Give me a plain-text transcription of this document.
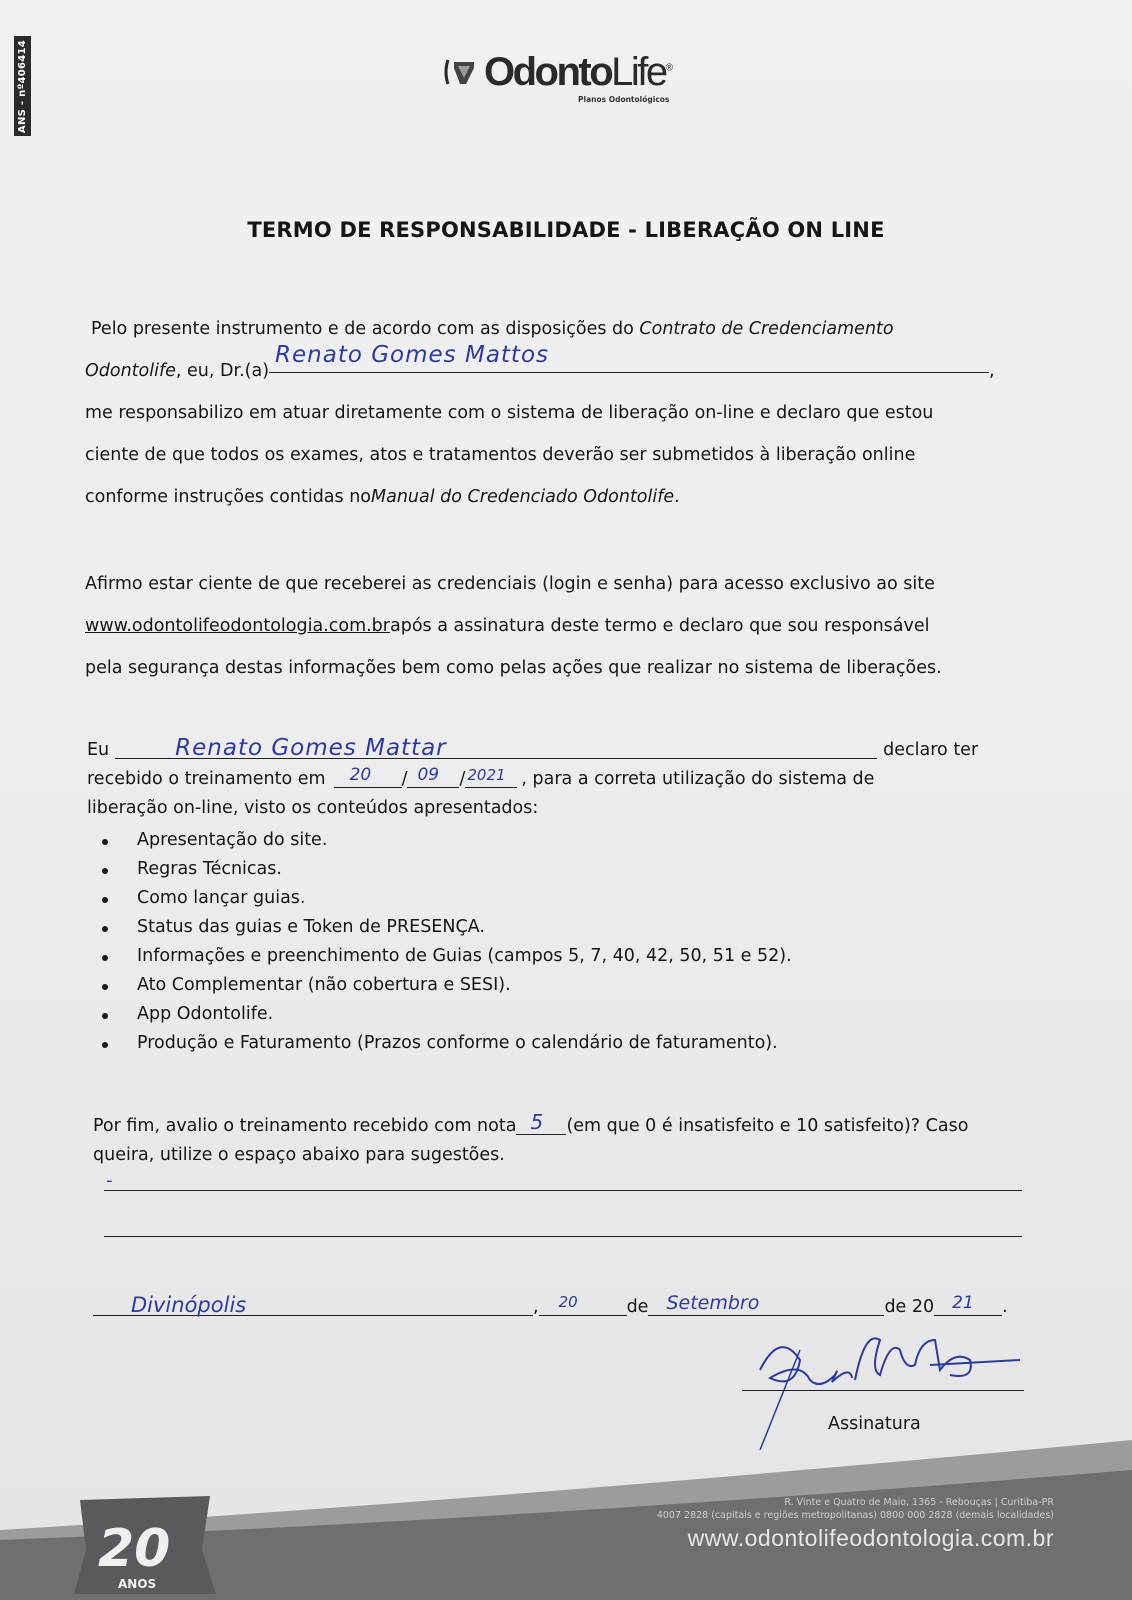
ANS - nº406414	OdontoLife®
Planos Odontológicos
TERMO DE RESPONSABILIDADE - LIBERAÇÃO ON LINE
Pelo presente instrumento e de acordo com as disposições do Contrato de Credenciamento
Odontolife , eu, Dr.(a)
Renato Gomes Mattos
,
me responsabilizo em atuar diretamente com o sistema de liberação on-line e declaro que estou
ciente de que todos os exames, atos e tratamentos deverão ser submetidos à liberação online
conforme instruções contidas no Manual do Credenciado Odontolife .
Afirmo estar ciente de que receberei as credenciais (login e senha) para acesso exclusivo ao site
www.odontolifeodontologia.com.br após a assinatura deste termo e declaro que sou responsável
pela segurança destas informações bem como pelas ações que realizar no sistema de liberações.
Eu	Renato Gomes Mattar	declaro ter
recebido o treinamento em 20 / 09 / 2021 , para a correta utilização do sistema de
liberação on-line, visto os conteúdos apresentados:
Apresentação do site.
Regras Técnicas.
Como lançar guias.
Status das guias e Token de PRESENÇA.
Informações e preenchimento de Guias (campos 5, 7, 40, 42, 50, 51 e 52).
Ato Complementar (não cobertura e SESI).
App Odontolife.
Produção e Faturamento (Prazos conforme o calendário de faturamento).
Por fim, avalio o treinamento recebido com nota 5 (em que 0 é insatisfeito e 10 satisfeito)? Caso
queira, utilize o espaço abaixo para sugestões.
-
Divinópolis	, 20	de Setembro	de 20 21 .
Assinatura
20
ANOS
R. Vinte e Quatro de Maio, 1365 - Rebouças | Curitiba-PR
4007 2828 (capitais e regiões metropolitanas) 0800 000 2828 (demais localidades)
www.odontolifeodontologia.com.br
